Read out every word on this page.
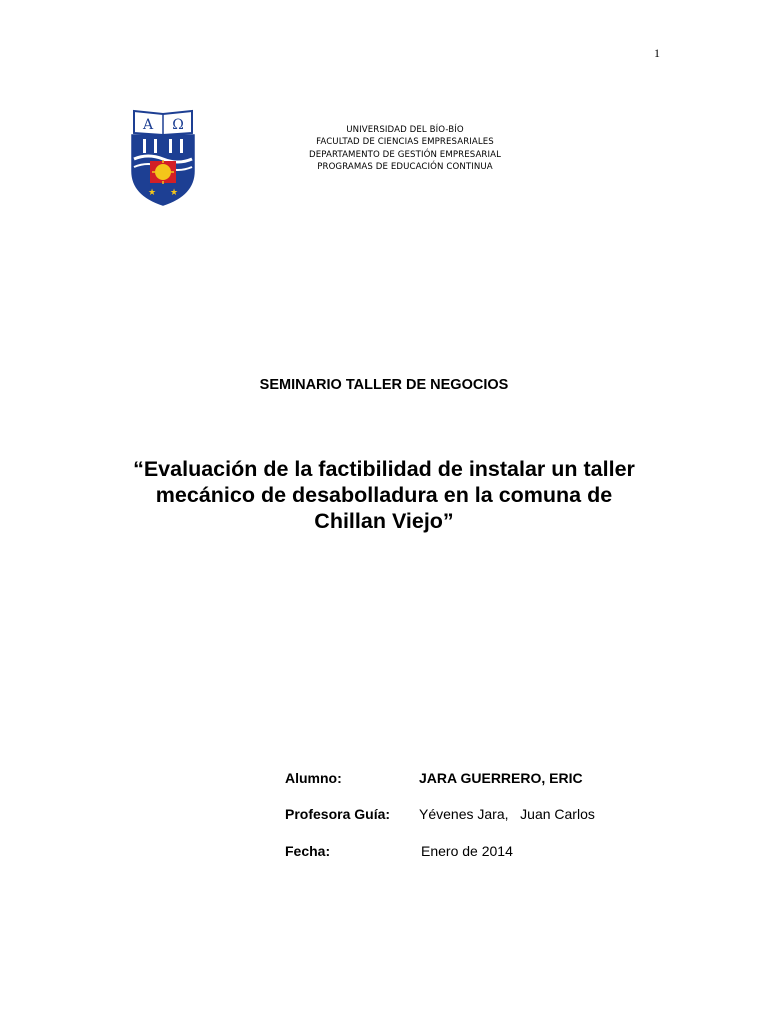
1
A Ω
★ ★
UNIVERSIDAD DEL BÍO-BÍO
FACULTAD DE CIENCIAS EMPRESARIALES
DEPARTAMENTO DE GESTIÓN EMPRESARIAL
PROGRAMAS DE EDUCACIÓN CONTINUA
SEMINARIO TALLER DE NEGOCIOS
“Evaluación de la factibilidad de instalar un taller
mecánico de desabolladura en la comuna de
Chillan Viejo”
Alumno:	JARA GUERRERO, ERIC
Profesora Guía: Yévenes Jara,   Juan Carlos
Fecha:	Enero de 2014
